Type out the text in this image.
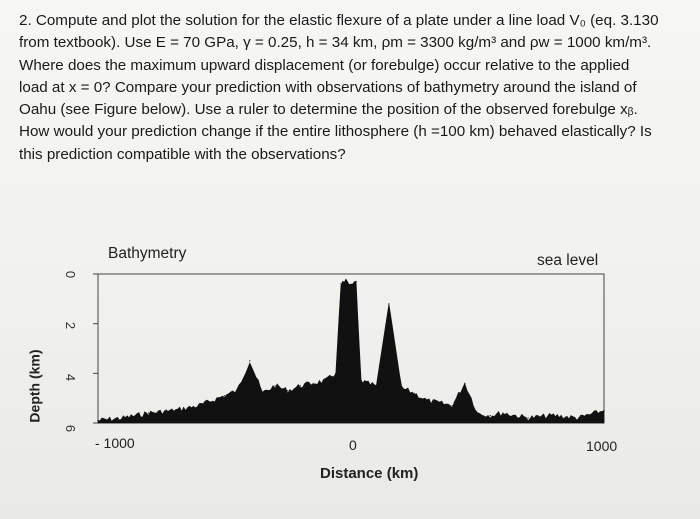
2. Compute and plot the solution for the elastic flexure of a plate under a line load V₀ (eq. 3.130
from textbook). Use E = 70 GPa, γ = 0.25, h = 34 km, ρm = 3300 kg/m³ and ρw = 1000 km/m³.
Where does the maximum upward displacement (or forebulge) occur relative to the applied
load at x = 0? Compare your prediction with observations of bathymetry around the island of
Oahu (see Figure below). Use a ruler to determine the position of the observed forebulge xᵦ.
How would your prediction change if the entire lithosphere (h =100 km) behaved elastically? Is
this prediction compatible with the observations?
Bathymetry	sea level
Depth (km)
Distance (km)
0
2
4
6
- 1000	0	1000
